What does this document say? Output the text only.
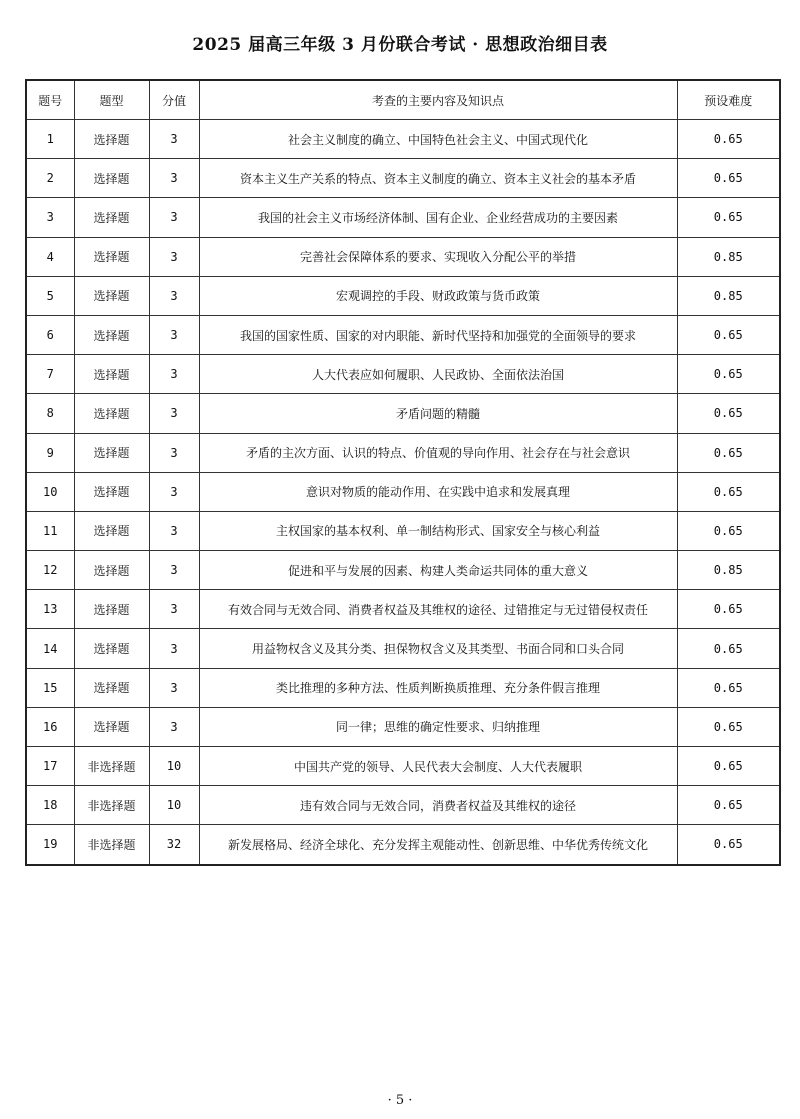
2025 届高三年级 3 月份联合考试 · 思想政治细目表
题号	题型	分值	考查的主要内容及知识点	预设难度
1	选择题	3	社会主义制度的确立、中国特色社会主义、中国式现代化	0.65
2	选择题	3	资本主义生产关系的特点、资本主义制度的确立、资本主义社会的基本矛盾	0.65
3	选择题	3	我国的社会主义市场经济体制、国有企业、企业经营成功的主要因素	0.65
4	选择题	3	完善社会保障体系的要求、实现收入分配公平的举措	0.85
5	选择题	3	宏观调控的手段、财政政策与货币政策	0.85
6	选择题	3	我国的国家性质、国家的对内职能、新时代坚持和加强党的全面领导的要求	0.65
7	选择题	3	人大代表应如何履职、人民政协、全面依法治国	0.65
8	选择题	3	矛盾问题的精髓	0.65
9	选择题	3	矛盾的主次方面、认识的特点、价值观的导向作用、社会存在与社会意识	0.65
10	选择题	3	意识对物质的能动作用、在实践中追求和发展真理	0.65
11	选择题	3	主权国家的基本权利、单一制结构形式、国家安全与核心利益	0.65
12	选择题	3	促进和平与发展的因素、构建人类命运共同体的重大意义	0.85
13	选择题	3	有效合同与无效合同、消费者权益及其维权的途径、过错推定与无过错侵权责任	0.65
14	选择题	3	用益物权含义及其分类、担保物权含义及其类型、书面合同和口头合同	0.65
15	选择题	3	类比推理的多种方法、性质判断换质推理、充分条件假言推理	0.65
16	选择题	3	同一律；思维的确定性要求、归纳推理	0.65
17	非选择题	10	中国共产党的领导、人民代表大会制度、人大代表履职	0.65
18	非选择题	10	违有效合同与无效合同，消费者权益及其维权的途径	0.65
19	非选择题	32	新发展格局、经济全球化、充分发挥主观能动性、创新思维、中华优秀传统文化	0.65
· 5 ·
